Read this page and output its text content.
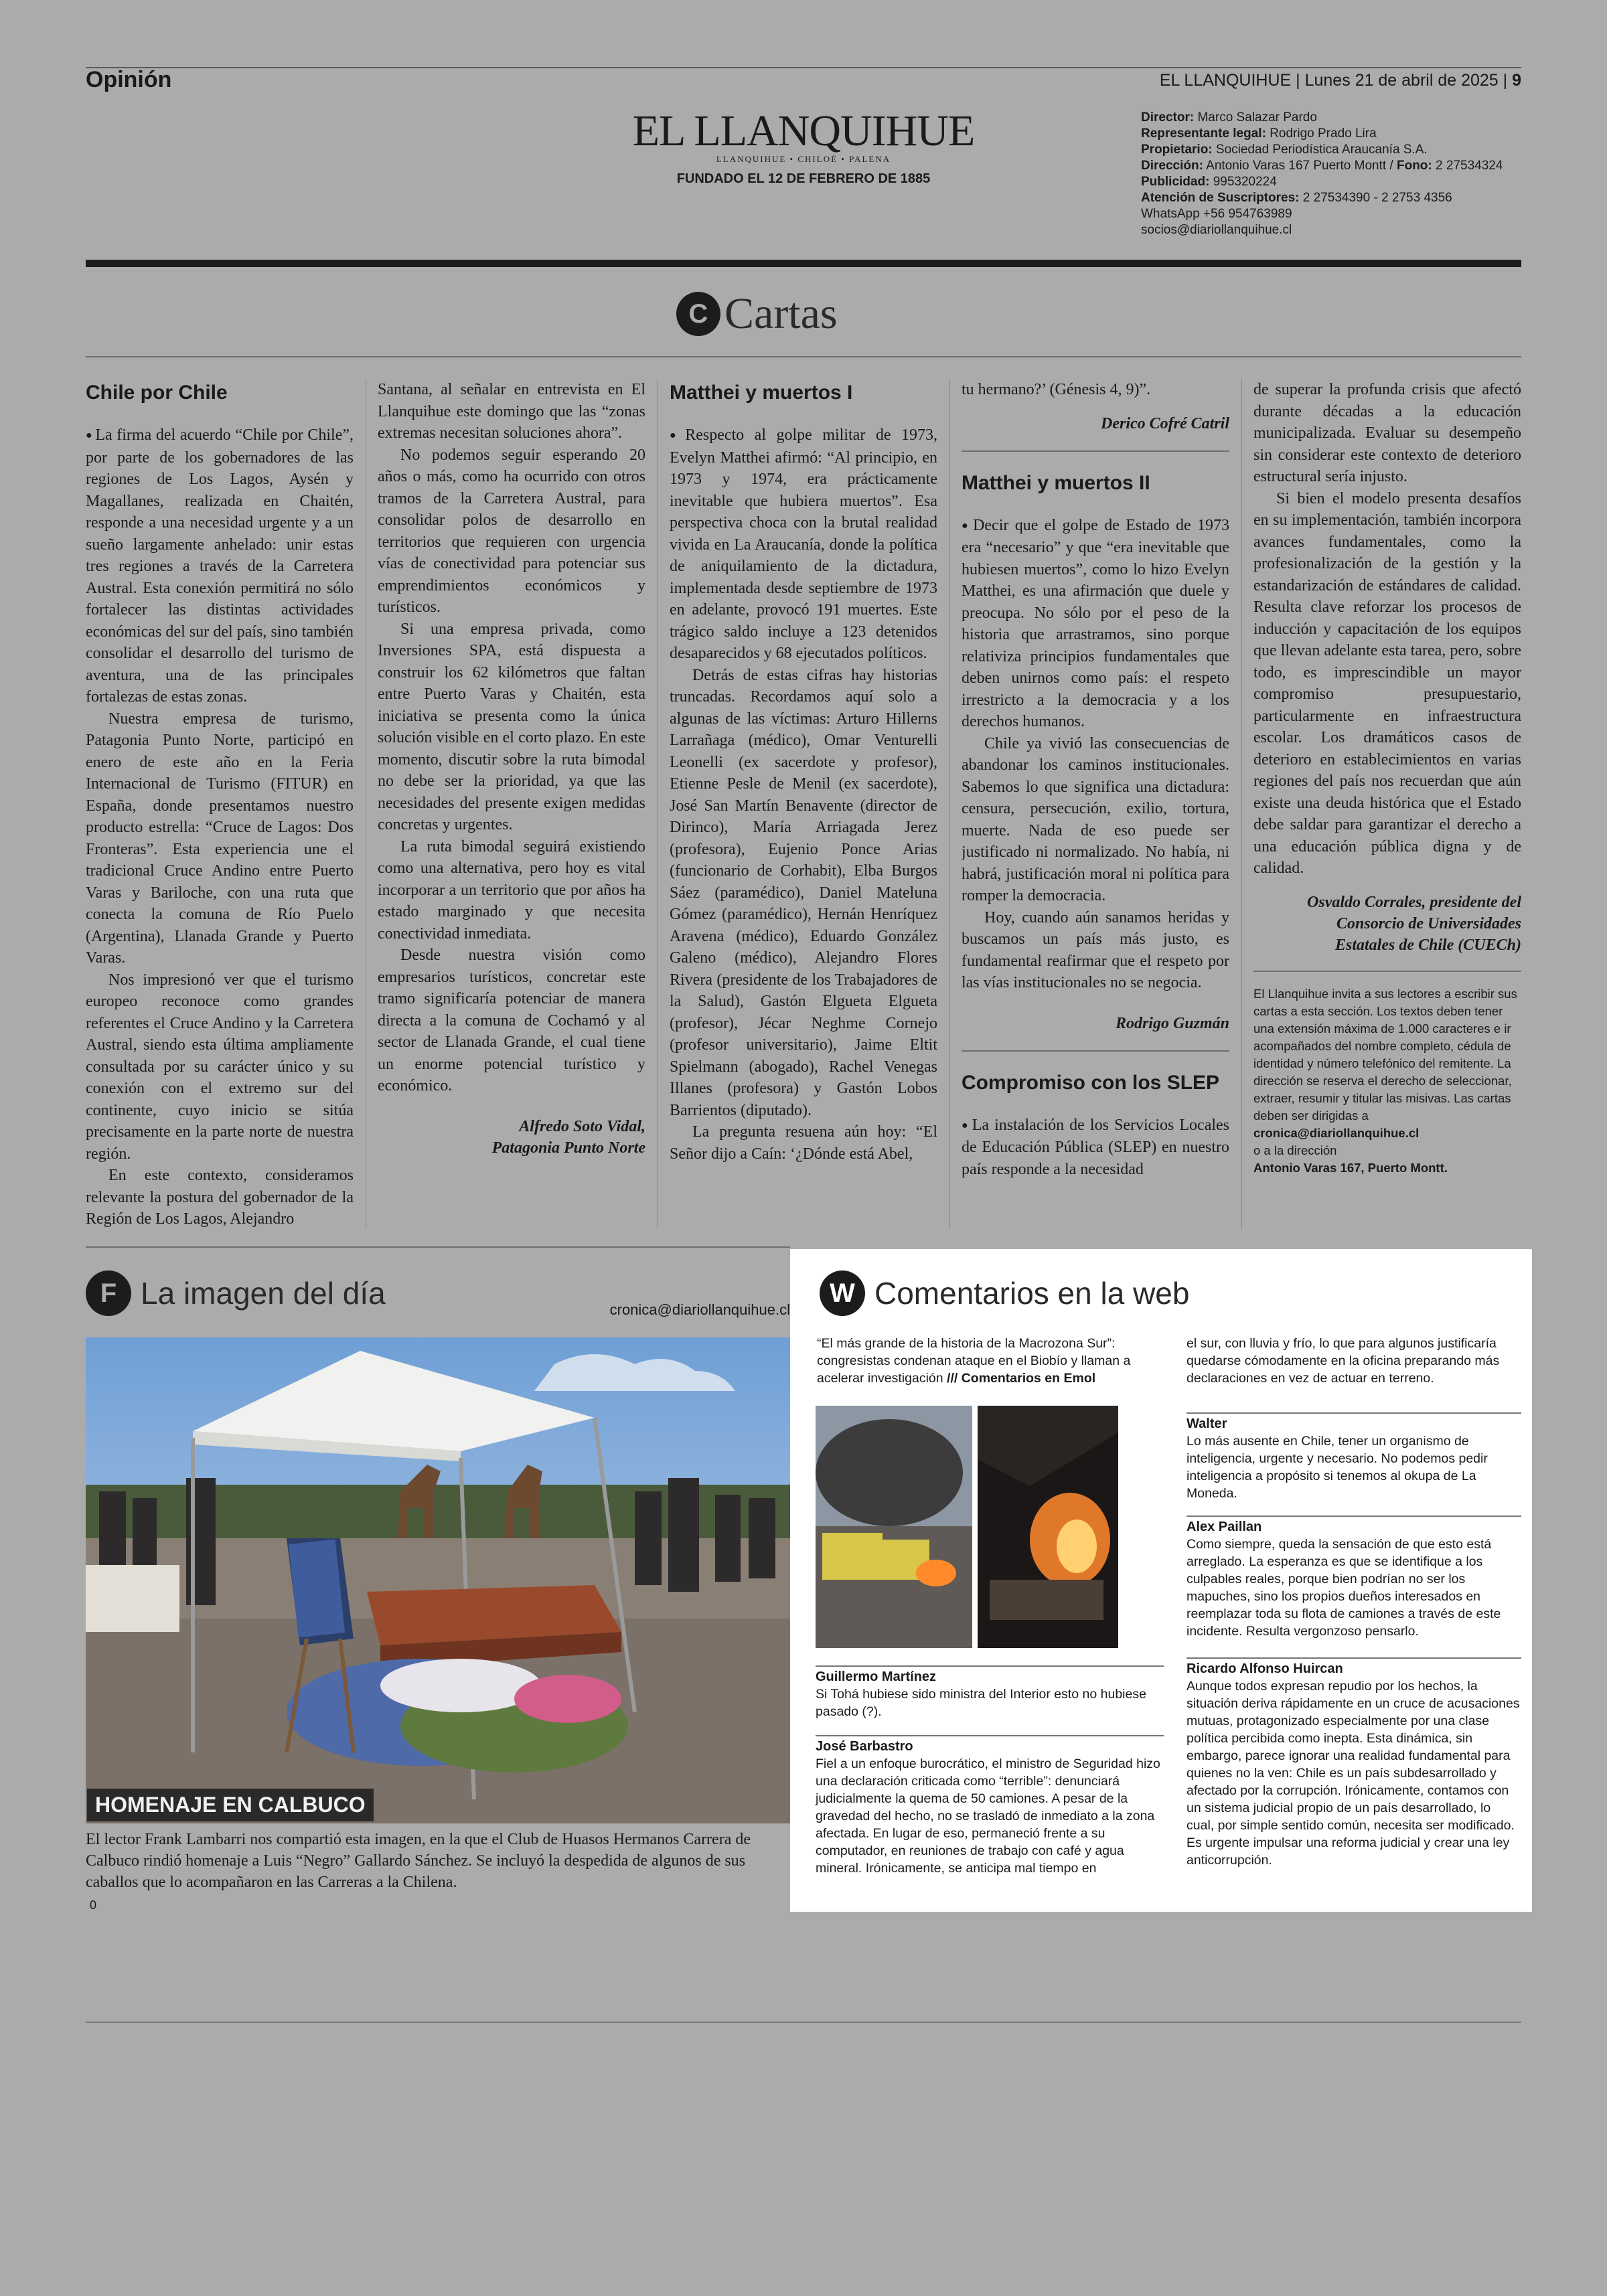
Opinión	EL LLANQUIHUE | Lunes 21 de abril de 2025 | 9
EL LLANQUIHUE
LLANQUIHUE • CHILOÉ • PALENA
FUNDADO EL 12 DE FEBRERO DE 1885
Director: Marco Salazar Pardo
Representante legal: Rodrigo Prado Lira
Propietario: Sociedad Periodística Araucanía S.A.
Dirección: Antonio Varas 167 Puerto Montt / Fono: 2 27534324
Publicidad: 995320224
Atención de Suscriptores: 2 27534390 - 2 2753 4356
WhatsApp +56 954763989
socios@diariollanquihue.cl
C Cartas
Chile por Chile

● La firma del acuerdo “Chile por Chile”, por parte de los gobernadores de las regiones de Los Lagos, Aysén y Magallanes, realizada en Chaitén, responde a una necesidad urgente y a un sueño largamente anhelado: unir estas tres regiones a través de la Carretera Austral. Esta conexión permitirá no sólo fortalecer las distintas actividades económicas del sur del país, sino también consolidar el desarrollo del turismo de aventura, una de las principales fortalezas de estas zonas.

Nuestra empresa de turismo, Patagonia Punto Norte, participó en enero de este año en la Feria Internacional de Turismo (FITUR) en España, donde presentamos nuestro producto estrella: “Cruce de Lagos: Dos Fronteras”. Esta experiencia une el tradicional Cruce Andino entre Puerto Varas y Bariloche, con una ruta que conecta la comuna de Río Puelo (Argentina), Llanada Grande y Puerto Varas.

Nos impresionó ver que el turismo europeo reconoce como grandes referentes el Cruce Andino y la Carretera Austral, siendo esta última ampliamente consultada por su carácter único y su conexión con el extremo sur del continente, cuyo inicio se sitúa precisamente en la parte norte de nuestra región.

En este contexto, consideramos relevante la postura del gobernador de la Región de Los Lagos, Alejandro

Santana, al señalar en entrevista en El Llanquihue este domingo que las “zonas extremas necesitan soluciones ahora”.

No podemos seguir esperando 20 años o más, como ha ocurrido con otros tramos de la Carretera Austral, para consolidar polos de desarrollo en territorios que requieren con urgencia vías de conectividad para potenciar sus emprendimientos económicos y turísticos.

Si una empresa privada, como Inversiones SPA, está dispuesta a construir los 62 kilómetros que faltan entre Puerto Varas y Chaitén, esta iniciativa se presenta como la única solución visible en el corto plazo. En este momento, discutir sobre la ruta bimodal no debe ser la prioridad, ya que las necesidades del presente exigen medidas concretas y urgentes.

La ruta bimodal seguirá existiendo como una alternativa, pero hoy es vital incorporar a un territorio que por años ha estado marginado y que necesita conectividad inmediata.

Desde nuestra visión como empresarios turísticos, concretar este tramo significaría potenciar de manera directa a la comuna de Cochamó y al sector de Llanada Grande, el cual tiene un enorme potencial turístico y económico.

Alfredo Soto Vidal,
Patagonia Punto Norte
Matthei y muertos I

● Respecto al golpe militar de 1973, Evelyn Matthei afirmó: “Al principio, en 1973 y 1974, era prácticamente inevitable que hubiera muertos”. Esa perspectiva choca con la brutal realidad vivida en La Araucanía, donde la política de aniquilamiento de la dictadura, implementada desde septiembre de 1973 en adelante, provocó 191 muertes. Este trágico saldo incluye a 123 detenidos desaparecidos y 68 ejecutados políticos.

Detrás de estas cifras hay historias truncadas. Recordamos aquí solo a algunas de las víctimas: Arturo Hillerns Larrañaga (médico), Omar Venturelli Leonelli (ex sacerdote y profesor), Etienne Pesle de Menil (ex sacerdote), José San Martín Benavente (director de Dirinco), María Arriagada Jerez (profesora), Eujenio Ponce Arias (funcionario de Corhabit), Elba Burgos Sáez (paramédico), Daniel Mateluna Gómez (paramédico), Hernán Henríquez Aravena (médico), Eduardo González Galeno (médico), Alejandro Flores Rivera (presidente de los Trabajadores de la Salud), Gastón Elgueta Elgueta (profesor), Jécar Neghme Cornejo (profesor universitario), Jaime Eltit Spielmann (abogado), Rachel Venegas Illanes (profesora) y Gastón Lobos Barrientos (diputado).

La pregunta resuena aún hoy: “El Señor dijo a Caín: ‘¿Dónde está Abel,

tu hermano?’ (Génesis 4, 9)”.

Derico Cofré Catril
Matthei y muertos II

● Decir que el golpe de Estado de 1973 era “necesario” y que “era inevitable que hubiesen muertos”, como lo hizo Evelyn Matthei, es una afirmación que duele y preocupa. No sólo por el peso de la historia que arrastramos, sino porque relativiza principios fundamentales que deben unirnos como país: el respeto irrestricto a la democracia y a los derechos humanos.

Chile ya vivió las consecuencias de abandonar los caminos institucionales. Sabemos lo que significa una dictadura: censura, persecución, exilio, tortura, muerte. Nada de eso puede ser justificado ni normalizado. No había, ni habrá, justificación moral ni política para romper la democracia.

Hoy, cuando aún sanamos heridas y buscamos un país más justo, es fundamental reafirmar que el respeto por las vías institucionales no se negocia.

Rodrigo Guzmán
Compromiso con los SLEP

● La instalación de los Servicios Locales de Educación Pública (SLEP) en nuestro país responde a la necesidad

de superar la profunda crisis que afectó durante décadas a la educación municipalizada. Evaluar su desempeño sin considerar este contexto de deterioro estructural sería injusto.

Si bien el modelo presenta desafíos en su implementación, también incorpora avances fundamentales, como la profesionalización de la gestión y la estandarización de estándares de calidad. Resulta clave reforzar los procesos de inducción y capacitación de los equipos que llevan adelante esta tarea, pero, sobre todo, es imprescindible un mayor compromiso presupuestario, particularmente en infraestructura escolar. Los dramáticos casos de deterioro en establecimientos en varias regiones del país nos recuerdan que aún existe una deuda histórica que el Estado debe saldar para garantizar el derecho a una educación pública digna y de calidad.

Osvaldo Corrales, presidente del
Consorcio de Universidades
Estatales de Chile (CUECh)
El Llanquihue invita a sus lectores a escribir sus cartas a esta sección. Los textos deben tener una extensión máxima de 1.000 caracteres e ir acompañados del nombre completo, cédula de identidad y número telefónico del remitente. La dirección se reserva el derecho de seleccionar, extraer, resumir y titular las misivas. Las cartas deben ser dirigidas a
cronica@diariollanquihue.cl
o a la dirección
Antonio Varas 167, Puerto Montt.
F La imagen del día	cronica@diariollanquihue.cl
HOMENAJE EN CALBUCO
El lector Frank Lambarri nos compartió esta imagen, en la que el Club de Huasos Hermanos Carrera de Calbuco rindió homenaje a Luis “Negro” Gallardo Sánchez. Se incluyó la despedida de algunos de sus caballos que lo acompañaron en las Carreras a la Chilena.
0
W Comentarios en la web
“El más grande de la historia de la Macrozona Sur”: congresistas condenan ataque en el Biobío y llaman a acelerar investigación /// Comentarios en Emol
Guillermo Martínez
Si Tohá hubiese sido ministra del Interior esto no hubiese pasado (?).
José Barbastro
Fiel a un enfoque burocrático, el ministro de Seguridad hizo una declaración criticada como “terrible”: denunciará judicialmente la quema de 50 camiones. A pesar de la gravedad del hecho, no se trasladó de inmediato a la zona afectada. En lugar de eso, permaneció frente a su computador, en reuniones de trabajo con café y agua mineral. Irónicamente, se anticipa mal tiempo en
el sur, con lluvia y frío, lo que para algunos justificaría quedarse cómodamente en la oficina preparando más declaraciones en vez de actuar en terreno.
Walter
Lo más ausente en Chile, tener un organismo de inteligencia, urgente y necesario. No podemos pedir inteligencia a propósito si tenemos al okupa de La Moneda.
Alex Paillan
Como siempre, queda la sensación de que esto está arreglado. La esperanza es que se identifique a los culpables reales, porque bien podrían no ser los mapuches, sino los propios dueños interesados en reemplazar toda su flota de camiones a través de este incidente. Resulta vergonzoso pensarlo.
Ricardo Alfonso Huircan
Aunque todos expresan repudio por los hechos, la situación deriva rápidamente en un cruce de acusaciones mutuas, protagonizado especialmente por una clase política percibida como inepta. Esta dinámica, sin embargo, parece ignorar una realidad fundamental para quienes no la ven: Chile es un país subdesarrollado y afectado por la corrupción. Irónicamente, contamos con un sistema judicial propio de un país desarrollado, lo cual, por simple sentido común, necesita ser modificado. Es urgente impulsar una reforma judicial y crear una ley anticorrupción.
